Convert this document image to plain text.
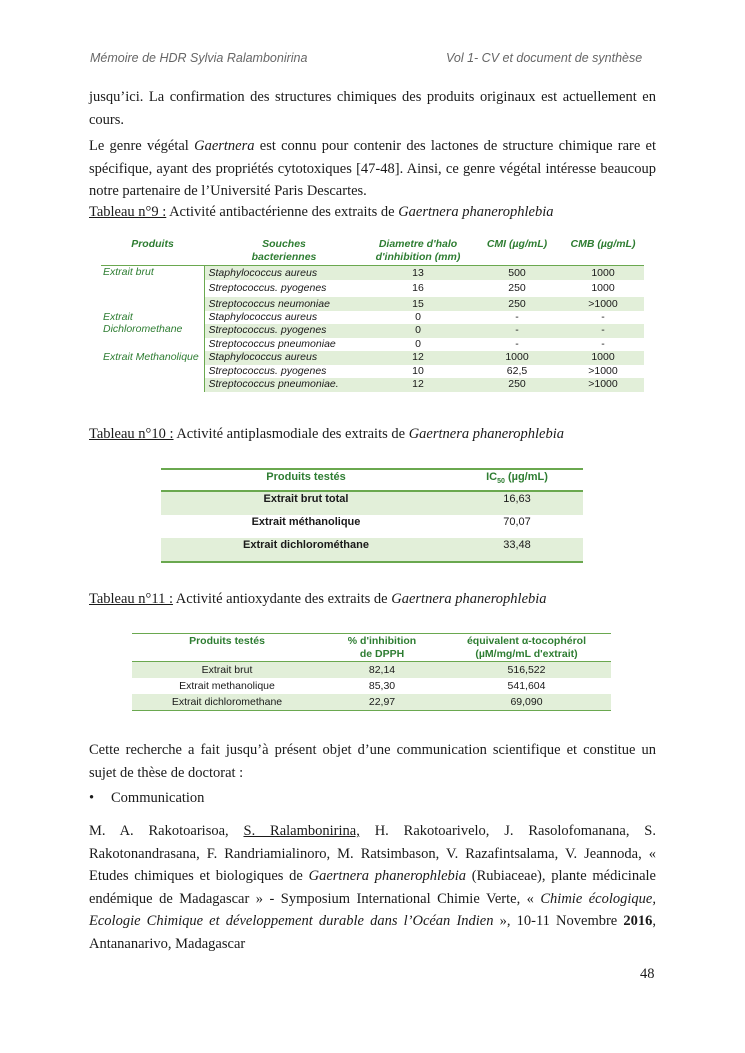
Mémoire de HDR Sylvia Ralambonirina	Vol 1- CV et document de synthèse
jusqu’ici. La confirmation des structures chimiques des produits originaux est actuellement en cours.
Le genre végétal Gaertnera est connu pour contenir des lactones de structure chimique rare et spécifique, ayant des propriétés cytotoxiques [47-48]. Ainsi, ce genre végétal intéresse beaucoup notre partenaire de l’Université Paris Descartes.
Tableau n°9 : Activité antibactérienne des extraits de Gaertnera phanerophlebia
Produits	Souches bacteriennes	Diametre d'halo d'inhibition (mm)	CMI (µg/mL)	CMB (µg/mL)
Extrait brut	Staphylococcus aureus	13	500	1000
	Streptococcus. pyogenes	16	250	1000
	Streptococcus neumoniae	15	250	>1000
Extrait Dichloromethane	Staphylococcus aureus	0	-	-
	Streptococcus. pyogenes	0	-	-
	Streptococcus pneumoniae	0	-	-
Extrait Methanolique	Staphylococcus aureus	12	1000	1000
	Streptococcus. pyogenes	10	62,5	>1000
	Streptococcus pneumoniae.	12	250	>1000
Tableau n°10 : Activité antiplasmodiale des extraits de Gaertnera phanerophlebia
Produits testés	$IC_{50}$ (µg/mL)
Extrait brut total	16,63
Extrait méthanolique	70,07
Extrait dichlorométhane	33,48
Tableau n°11 : Activité antioxydante des extraits de Gaertnera phanerophlebia
Produits testés	% d'inhibition de DPPH	équivalent α-tocophérol (µM/mg/mL d'extrait)
Extrait brut	82,14	516,522
Extrait methanolique	85,30	541,604
Extrait dichloromethane	22,97	69,090
Cette recherche a fait jusqu’à présent objet d’une communication scientifique et constitue un sujet de thèse de doctorat :
• Communication
M. A. Rakotoarisoa, S. Ralambonirina, H. Rakotoarivelo, J. Rasolofomanana, S. Rakotonandrasana, F. Randriamialinoro, M. Ratsimbason, V. Razafintsalama, V. Jeannoda, « Etudes chimiques et biologiques de Gaertnera phanerophlebia (Rubiaceae), plante médicinale endémique de Madagascar » - Symposium International Chimie Verte, « Chimie écologique, Ecologie Chimique et développement durable dans l’Océan Indien », 10-11 Novembre 2016, Antananarivo, Madagascar
48
